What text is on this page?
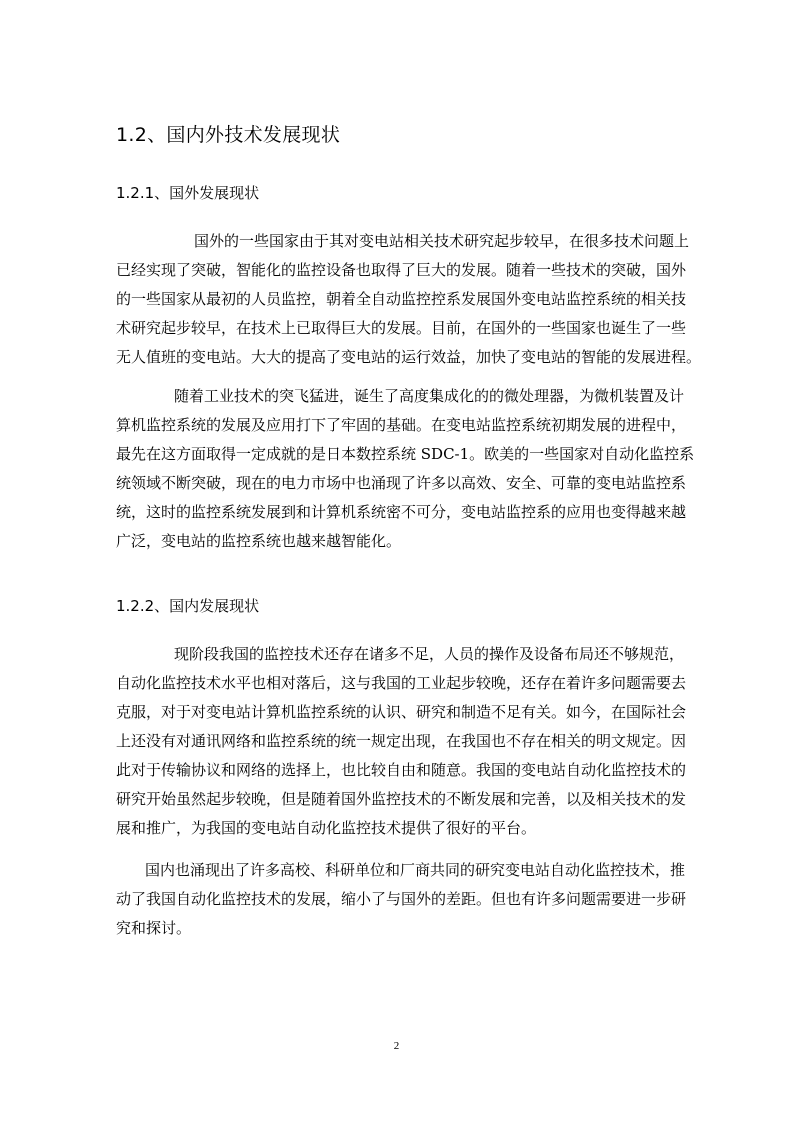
1.2、国内外技术发展现状
1.2.1、国外发展现状

国外的一些国家由于其对变电站相关技术研究起步较早，在很多技术问题上
已经实现了突破，智能化的监控设备也取得了巨大的发展。随着一些技术的突破，国外
的一些国家从最初的人员监控，朝着全自动监控控系发展国外变电站监控系统的相关技
术研究起步较早，在技术上已取得巨大的发展。目前，在国外的一些国家也诞生了一些
无人值班的变电站。大大的提高了变电站的运行效益，加快了变电站的智能的发展进程。

随着工业技术的突飞猛进，诞生了高度集成化的的微处理器，为微机装置及计
算机监控系统的发展及应用打下了牢固的基础。在变电站监控系统初期发展的进程中，
最先在这方面取得一定成就的是日本数控系统 SDC-1。欧美的一些国家对自动化监控系
统领域不断突破，现在的电力市场中也涌现了许多以高效、安全、可靠的变电站监控系
统，这时的监控系统发展到和计算机系统密不可分，变电站监控系的应用也变得越来越
广泛，变电站的监控系统也越来越智能化。

1.2.2、国内发展现状

现阶段我国的监控技术还存在诸多不足，人员的操作及设备布局还不够规范，
自动化监控技术水平也相对落后，这与我国的工业起步较晚，还存在着许多问题需要去
克服，对于对变电站计算机监控系统的认识、研究和制造不足有关。如今，在国际社会
上还没有对通讯网络和监控系统的统一规定出现，在我国也不存在相关的明文规定。因
此对于传输协议和网络的选择上，也比较自由和随意。我国的变电站自动化监控技术的
研究开始虽然起步较晚，但是随着国外监控技术的不断发展和完善，以及相关技术的发
展和推广，为我国的变电站自动化监控技术提供了很好的平台。

国内也涌现出了许多高校、科研单位和厂商共同的研究变电站自动化监控技术，推
动了我国自动化监控技术的发展，缩小了与国外的差距。但也有许多问题需要进一步研
究和探讨。

2
